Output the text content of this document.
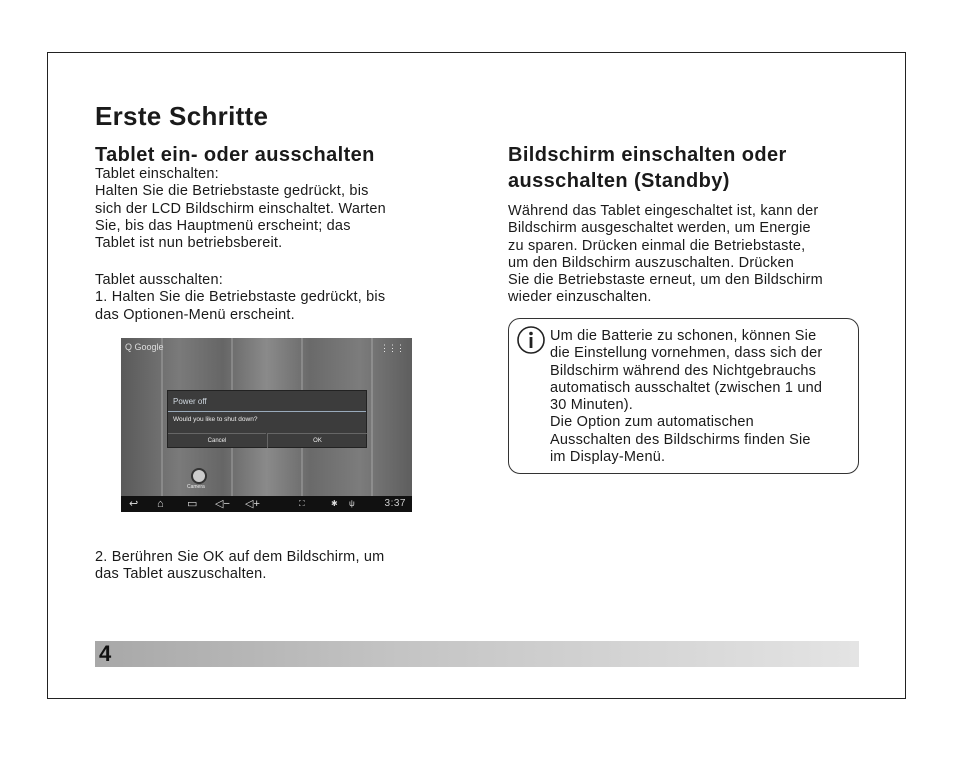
Erste Schritte
Tablet ein- oder ausschalten

Tablet einschalten:
Halten Sie die Betriebstaste gedrückt, bis
sich der LCD Bildschirm einschaltet. Warten
Sie, bis das Hauptmenü erscheint; das
Tablet ist nun betriebsbereit.

Tablet ausschalten:
1. Halten Sie die Betriebstaste gedrückt, bis
das Optionen-Menü erscheint.

Q Google	⋮⋮⋮
Power off
Would you like to shut down?
Cancel	OK
Camera
↩ ⌂ ▭ ◁− ◁+	⛶	✱ ψ	3:37

2. Berühren Sie OK auf dem Bildschirm, um
das Tablet auszuschalten.

Bildschirm einschalten oder
ausschalten (Standby)

Während das Tablet eingeschaltet ist, kann der
Bildschirm ausgeschaltet werden, um Energie
zu sparen. Drücken einmal die Betriebstaste,
um den Bildschirm auszuschalten. Drücken
Sie die Betriebstaste erneut, um den Bildschirm
wieder einzuschalten.

Um die Batterie zu schonen, können Sie
die Einstellung vornehmen, dass sich der
Bildschirm während des Nichtgebrauchs
automatisch ausschaltet (zwischen 1 und
30 Minuten).
Die Option zum automatischen
Ausschalten des Bildschirms finden Sie
im Display-Menü.
4
